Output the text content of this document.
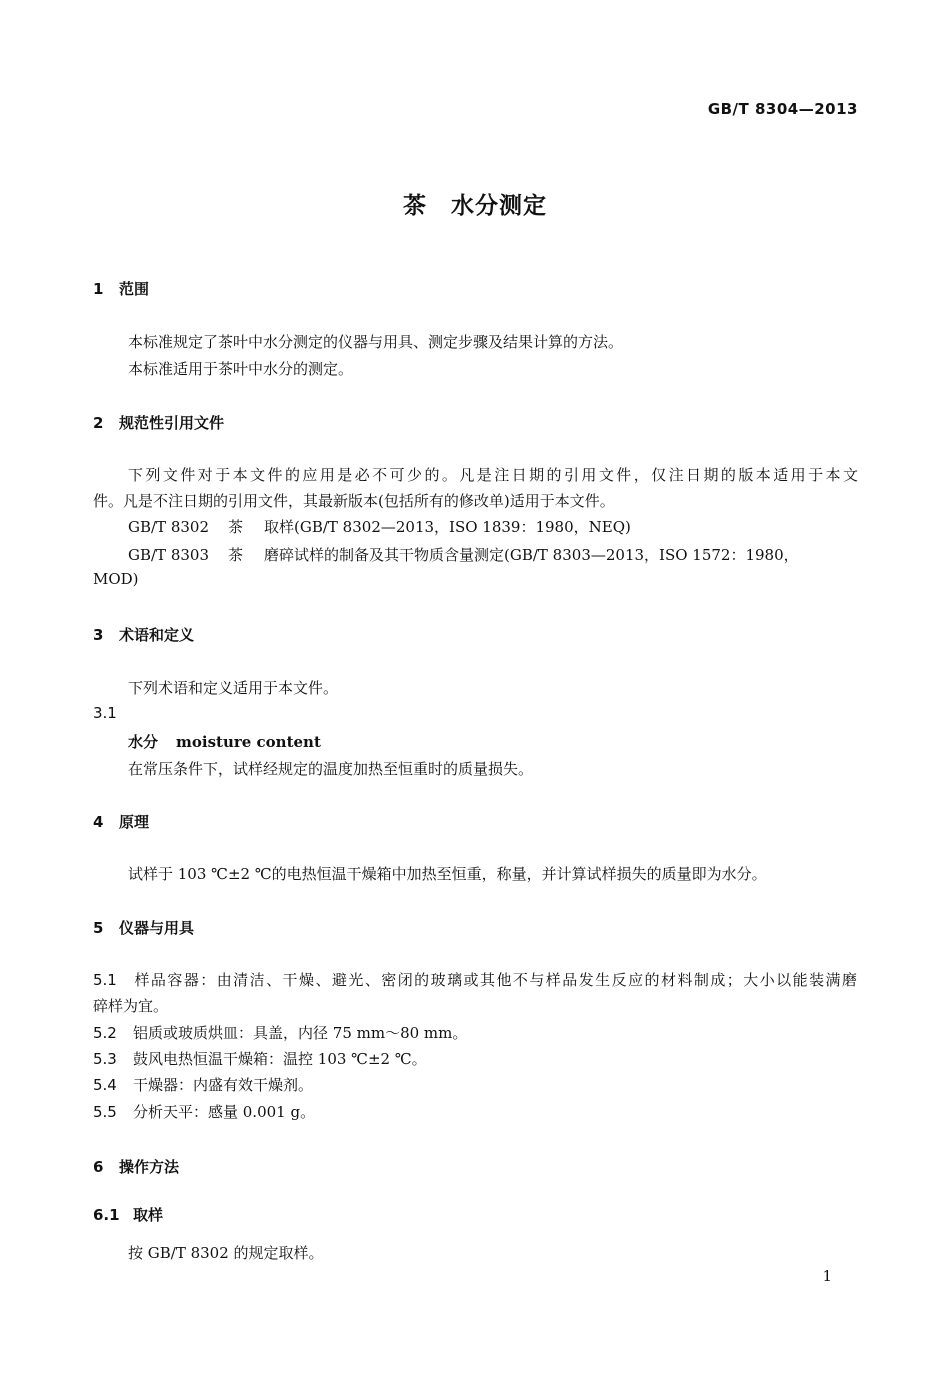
GB/T 8304—2013
茶　水分测定
1 范围
本标准规定了茶叶中水分测定的仪器与用具、测定步骤及结果计算的方法。
本标准适用于茶叶中水分的测定。
2 规范性引用文件
下列文件对于本文件的应用是必不可少的。凡是注日期的引用文件，仅注日期的版本适用于本文
件。凡是不注日期的引用文件，其最新版本(包括所有的修改单)适用于本文件。
GB/T 8302 茶 取样(GB/T 8302—2013，ISO 1839：1980，NEQ)
GB/T 8303 茶 磨碎试样的制备及其干物质含量测定(GB/T 8303—2013，ISO 1572：1980，
MOD)
3 术语和定义
下列术语和定义适用于本文件。
3.1
水分 moisture content
在常压条件下，试样经规定的温度加热至恒重时的质量损失。
4 原理
试样于 103 ℃±2 ℃的电热恒温干燥箱中加热至恒重，称量，并计算试样损失的质量即为水分。
5 仪器与用具
5.1 样品容器：由清洁、干燥、避光、密闭的玻璃或其他不与样品发生反应的材料制成；大小以能装满磨
碎样为宜。
5.2 铝质或玻质烘皿：具盖，内径 75 mm～80 mm。
5.3 鼓风电热恒温干燥箱：温控 103 ℃±2 ℃。
5.4 干燥器：内盛有效干燥剂。
5.5 分析天平：感量 0.001 g。
6 操作方法
6.1 取样
按 GB/T 8302 的规定取样。
1
